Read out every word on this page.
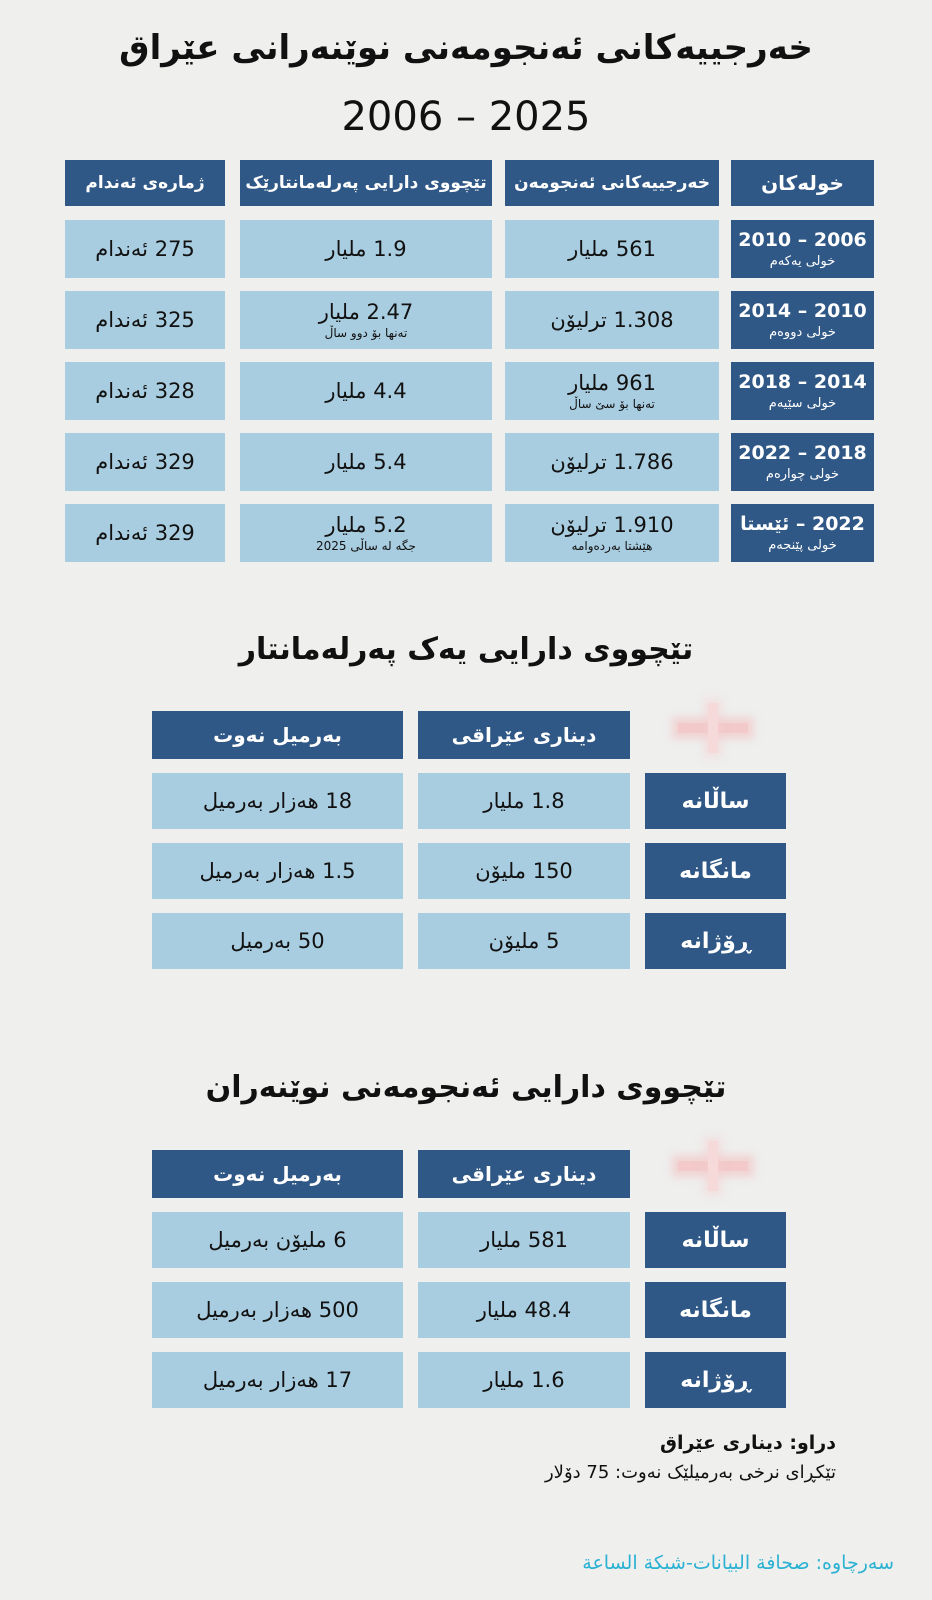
خەرجییەکانی ئەنجومەنی نوێنەرانی عێراق
2006 – 2025
خولەکان
خەرجییەکانی ئەنجومەن
تێچووی دارایی پەرلەمانتارێک
ژمارەی ئەندام
2006 – 2010
خولی یەکەم
561 ملیار
1.9 ملیار
275 ئەندام
2010 – 2014
خولی دووەم
1.308 ترلیۆن
2.47 ملیار
تەنها بۆ دوو ساڵ
325 ئەندام
2014 – 2018
خولی سێیەم
961 ملیار
تەنها بۆ سێ ساڵ
4.4 ملیار
328 ئەندام
2018 – 2022
خولی چوارەم
1.786 ترلیۆن
5.4 ملیار
329 ئەندام
2022 – ئێستا
خولی پێنجەم
1.910 ترلیۆن
هێشتا بەردەوامە
5.2 ملیار
جگە لە ساڵی 2025
329 ئەندام
تێچووی دارایی یەک پەرلەمانتار
دیناری عێراقی
بەرمیل نەوت
ساڵانە
1.8 ملیار
18 هەزار بەرمیل
مانگانە
150 ملیۆن
1.5 هەزار بەرمیل
ڕۆژانە
5 ملیۆن
50 بەرمیل
تێچووی دارایی ئەنجومەنی نوێنەران
دیناری عێراقی
بەرمیل نەوت
ساڵانە
581 ملیار
6 ملیۆن بەرمیل
مانگانە
48.4 ملیار
500 هەزار بەرمیل
ڕۆژانە
1.6 ملیار
17 هەزار بەرمیل
دراو: دیناری عێراق
تێکڕای نرخی بەرمیلێک نەوت: 75 دۆلار
سەرچاوە: صحافة البيانات-شبكة الساعة
